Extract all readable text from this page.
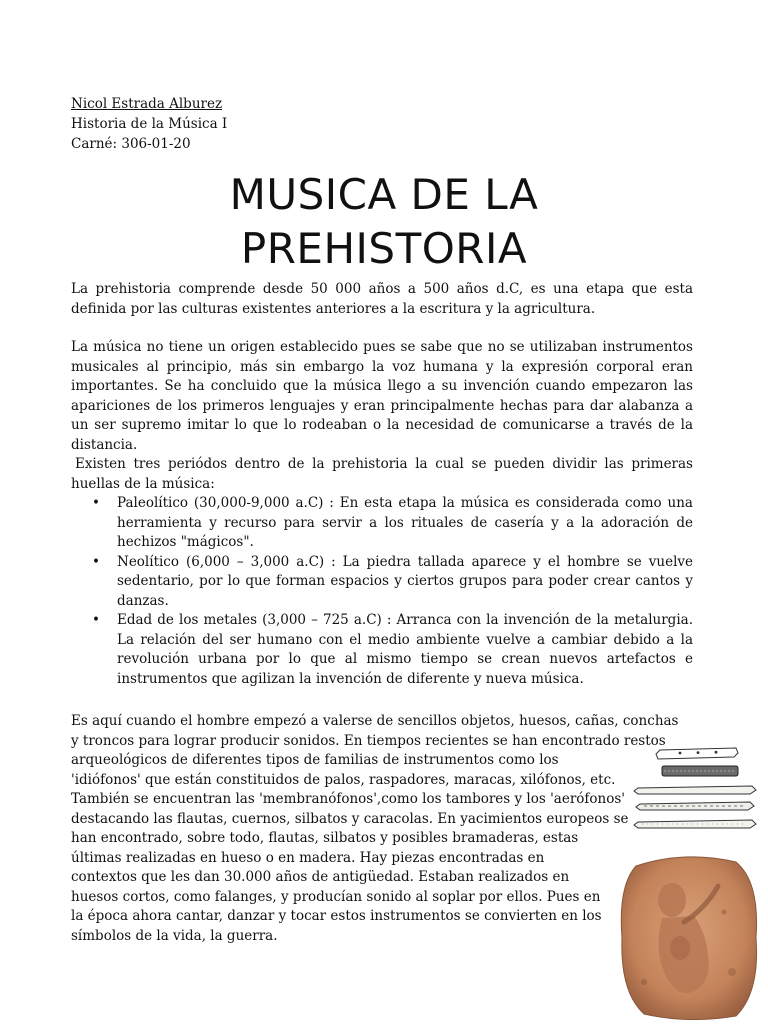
Nicol Estrada Alburez
Historia de la Música I
Carné: 306-01-20
MUSICA DE LA
PREHISTORIA

La prehistoria comprende desde 50 000 años a 500 años d.C, es una etapa que esta definida por las culturas existentes anteriores a la escritura y la agricultura.

La música no tiene un origen establecido pues se sabe que no se utilizaban instrumentos musicales al principio, más sin embargo la voz humana y la expresión corporal eran importantes. Se ha concluido que la música llego a su invención cuando empezaron las apariciones de los primeros lenguajes y eran principalmente hechas para dar alabanza a un ser supremo imitar lo que lo rodeaban o la necesidad de comunicarse a través de la distancia.

Existen tres periódos dentro de la prehistoria la cual se pueden dividir las primeras huellas de la música:

• Paleolítico (30,000-9,000 a.C) : En esta etapa la música es considerada como una herramienta y recurso para servir a los rituales de casería y a la adoración de hechizos "mágicos".
• Neolítico (6,000 – 3,000 a.C) : La piedra tallada aparece y el hombre se vuelve sedentario, por lo que forman espacios y ciertos grupos para poder crear cantos y danzas.
• Edad de los metales (3,000 – 725 a.C) : Arranca con la invención de la metalurgia. La relación del ser humano con el medio ambiente vuelve a cambiar debido a la revolución urbana por lo que al mismo tiempo se crean nuevos artefactos e instrumentos que agilizan la invención de diferente y nueva música.
Es aquí cuando el hombre empezó a valerse de sencillos objetos, huesos, cañas, conchas
y troncos para lograr producir sonidos. En tiempos recientes se han encontrado restos
arqueológicos de diferentes tipos de familias de instrumentos como los
'idiófonos' que están constituidos de palos, raspadores, maracas, xilófonos, etc.
También se encuentran las 'membranófonos',como los tambores y los 'aerófonos'
destacando las flautas, cuernos, silbatos y caracolas. En yacimientos europeos se
han encontrado, sobre todo, flautas, silbatos y posibles bramaderas, estas
últimas realizadas en hueso o en madera. Hay piezas encontradas en
contextos que les dan 30.000 años de antigüedad. Estaban realizados en
huesos cortos, como falanges, y producían sonido al soplar por ellos. Pues en
la época ahora cantar, danzar y tocar estos instrumentos se convierten en los
símbolos de la vida, la guerra.
